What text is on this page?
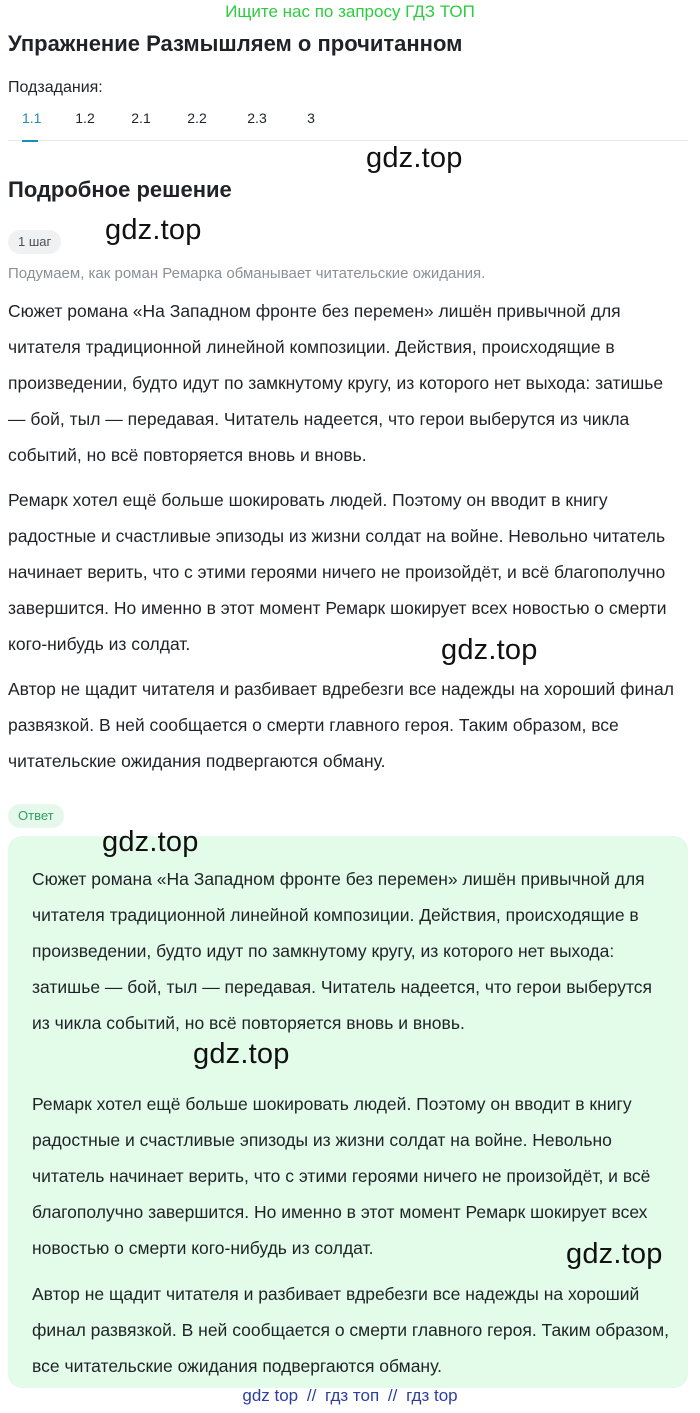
Ищите нас по запросу ГДЗ ТОП
Упражнение Размышляем о прочитанном
Подзадания:
1.1 1.2	2.1	2.2	2.3	3
gdz.top
Подробное решение
1 шаг	gdz.top
Подумаем, как роман Ремарка обманывает читательские ожидания.

Сюжет романа «На Западном фронте без перемен» лишён привычной для читателя традиционной линейной композиции. Действия, происходящие в произведении, будто идут по замкнутому кругу, из которого нет выхода: затишье — бой, тыл — передавая. Читатель надеется, что герои выберутся из чикла событий, но всё повторяется вновь и вновь.

Ремарк хотел ещё больше шокировать людей. Поэтому он вводит в книгу радостные и счастливые эпизоды из жизни солдат на войне. Невольно читатель начинает верить, что с этими героями ничего не произойдёт, и всё благополучно завершится. Но именно в этот момент Ремарк шокирует всех новостью о смерти кого-нибудь из солдат.	gdz.top

Автор не щадит читателя и разбивает вдребезги все надежды на хороший финал развязкой. В ней сообщается о смерти главного героя. Таким образом, все читательские ожидания подвергаются обману.

Ответ
gdz.top

Сюжет романа «На Западном фронте без перемен» лишён привычной для читателя традиционной линейной композиции. Действия, происходящие в произведении, будто идут по замкнутому кругу, из которого нет выхода: затишье — бой, тыл — передавая. Читатель надеется, что герои выберутся из чикла событий, но всё повторяется вновь и вновь.

gdz.top

Ремарк хотел ещё больше шокировать людей. Поэтому он вводит в книгу радостные и счастливые эпизоды из жизни солдат на войне. Невольно читатель начинает верить, что с этими героями ничего не произойдёт, и всё благополучно завершится. Но именно в этот момент Ремарк шокирует всех новостью о смерти кого-нибудь из солдат.	gdz.top

Автор не щадит читателя и разбивает вдребезги все надежды на хороший финал развязкой. В ней сообщается о смерти главного героя. Таким образом, все читательские ожидания подвергаются обману.

gdz top // гдз топ // гдз top
